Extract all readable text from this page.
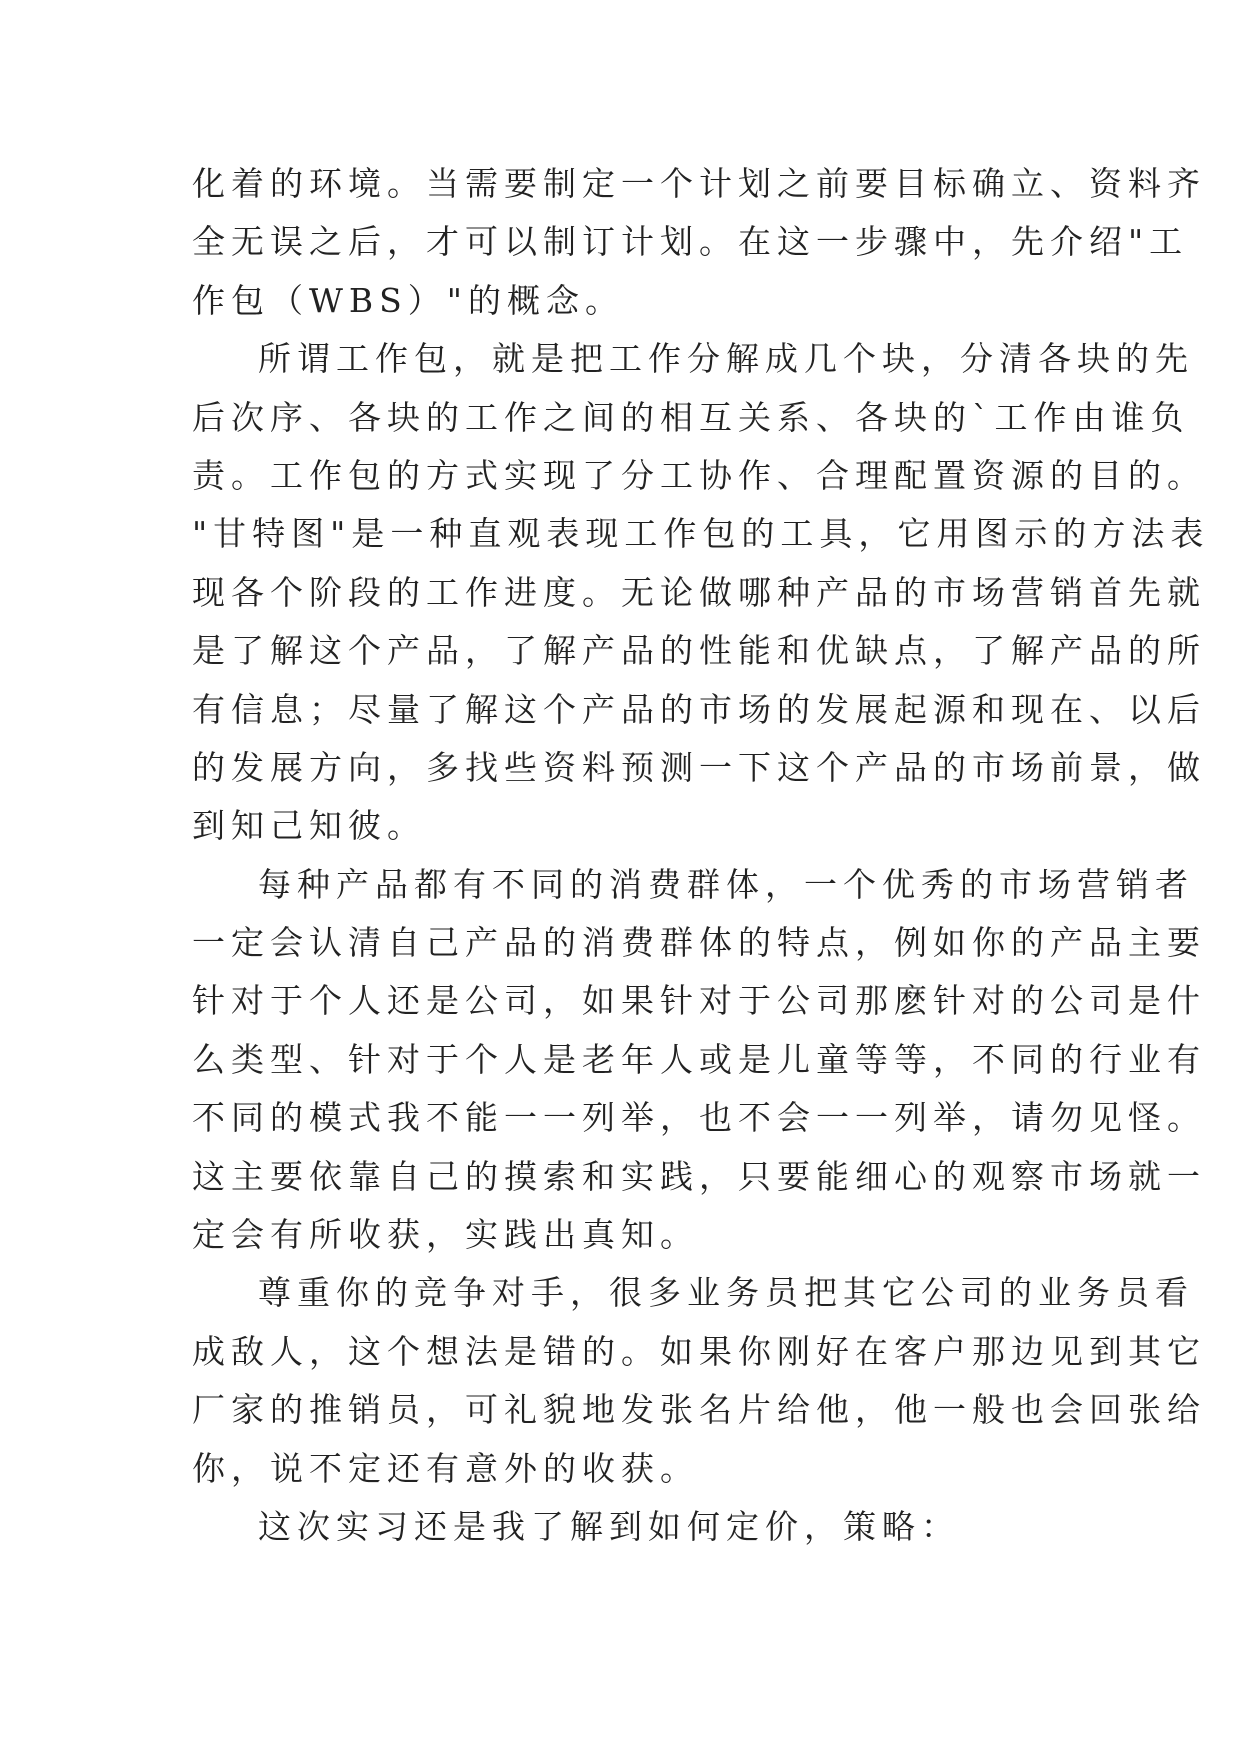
化着的环境。当需要制定一个计划之前要目标确立、资料齐
全无误之后，才可以制订计划。在这一步骤中，先介绍"工
作包（WBS）"的概念。
所谓工作包，就是把工作分解成几个块，分清各块的先
后次序、各块的工作之间的相互关系、各块的`工作由谁负
责。工作包的方式实现了分工协作、合理配置资源的目的。
"甘特图"是一种直观表现工作包的工具，它用图示的方法表
现各个阶段的工作进度。无论做哪种产品的市场营销首先就
是了解这个产品，了解产品的性能和优缺点，了解产品的所
有信息；尽量了解这个产品的市场的发展起源和现在、以后
的发展方向，多找些资料预测一下这个产品的市场前景，做
到知己知彼。
每种产品都有不同的消费群体，一个优秀的市场营销者
一定会认清自己产品的消费群体的特点，例如你的产品主要
针对于个人还是公司，如果针对于公司那麽针对的公司是什
么类型、针对于个人是老年人或是儿童等等，不同的行业有
不同的模式我不能一一列举，也不会一一列举，请勿见怪。
这主要依靠自己的摸索和实践，只要能细心的观察市场就一
定会有所收获，实践出真知。
尊重你的竞争对手，很多业务员把其它公司的业务员看
成敌人，这个想法是错的。如果你刚好在客户那边见到其它
厂家的推销员，可礼貌地发张名片给他，他一般也会回张给
你，说不定还有意外的收获。
这次实习还是我了解到如何定价，策略：
